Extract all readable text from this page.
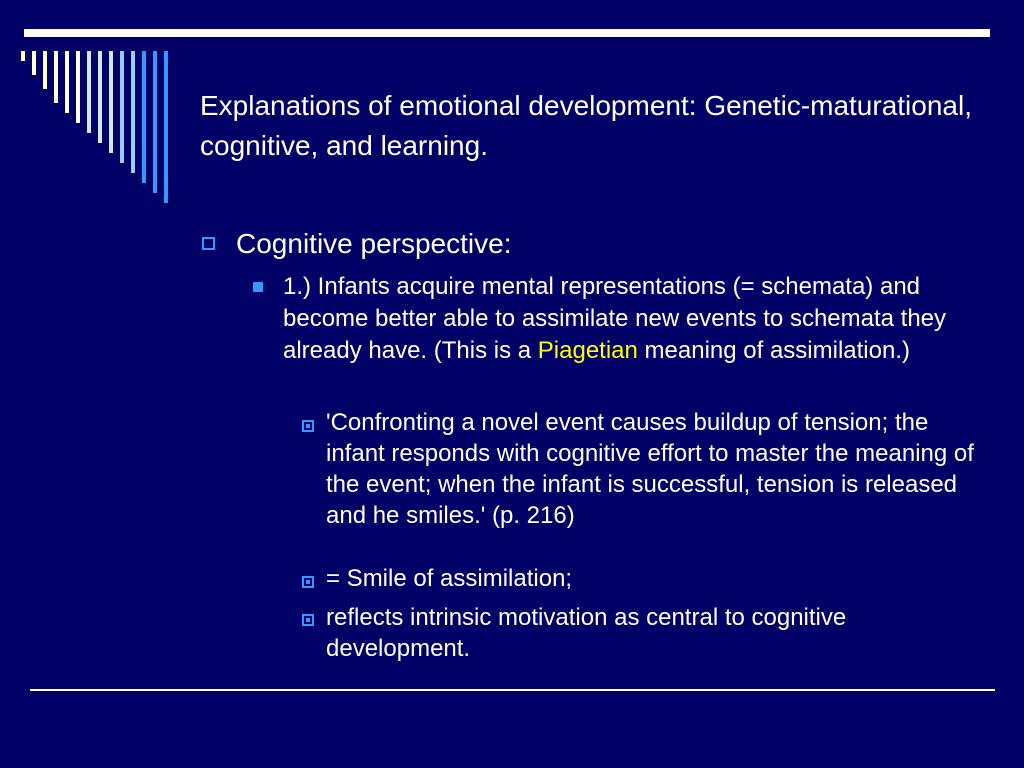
Explanations of emotional development: Genetic-maturational, cognitive, and learning.
Cognitive perspective:
1.) Infants acquire mental representations (= schemata) and become better able to assimilate new events to schemata they already have. (This is a Piagetian meaning of assimilation.)
'Confronting a novel event causes buildup of tension; the infant responds with cognitive effort to master the meaning of the event; when the infant is successful, tension is released and he smiles.' (p. 216)
= Smile of assimilation;
reflects intrinsic motivation as central to cognitive development.
